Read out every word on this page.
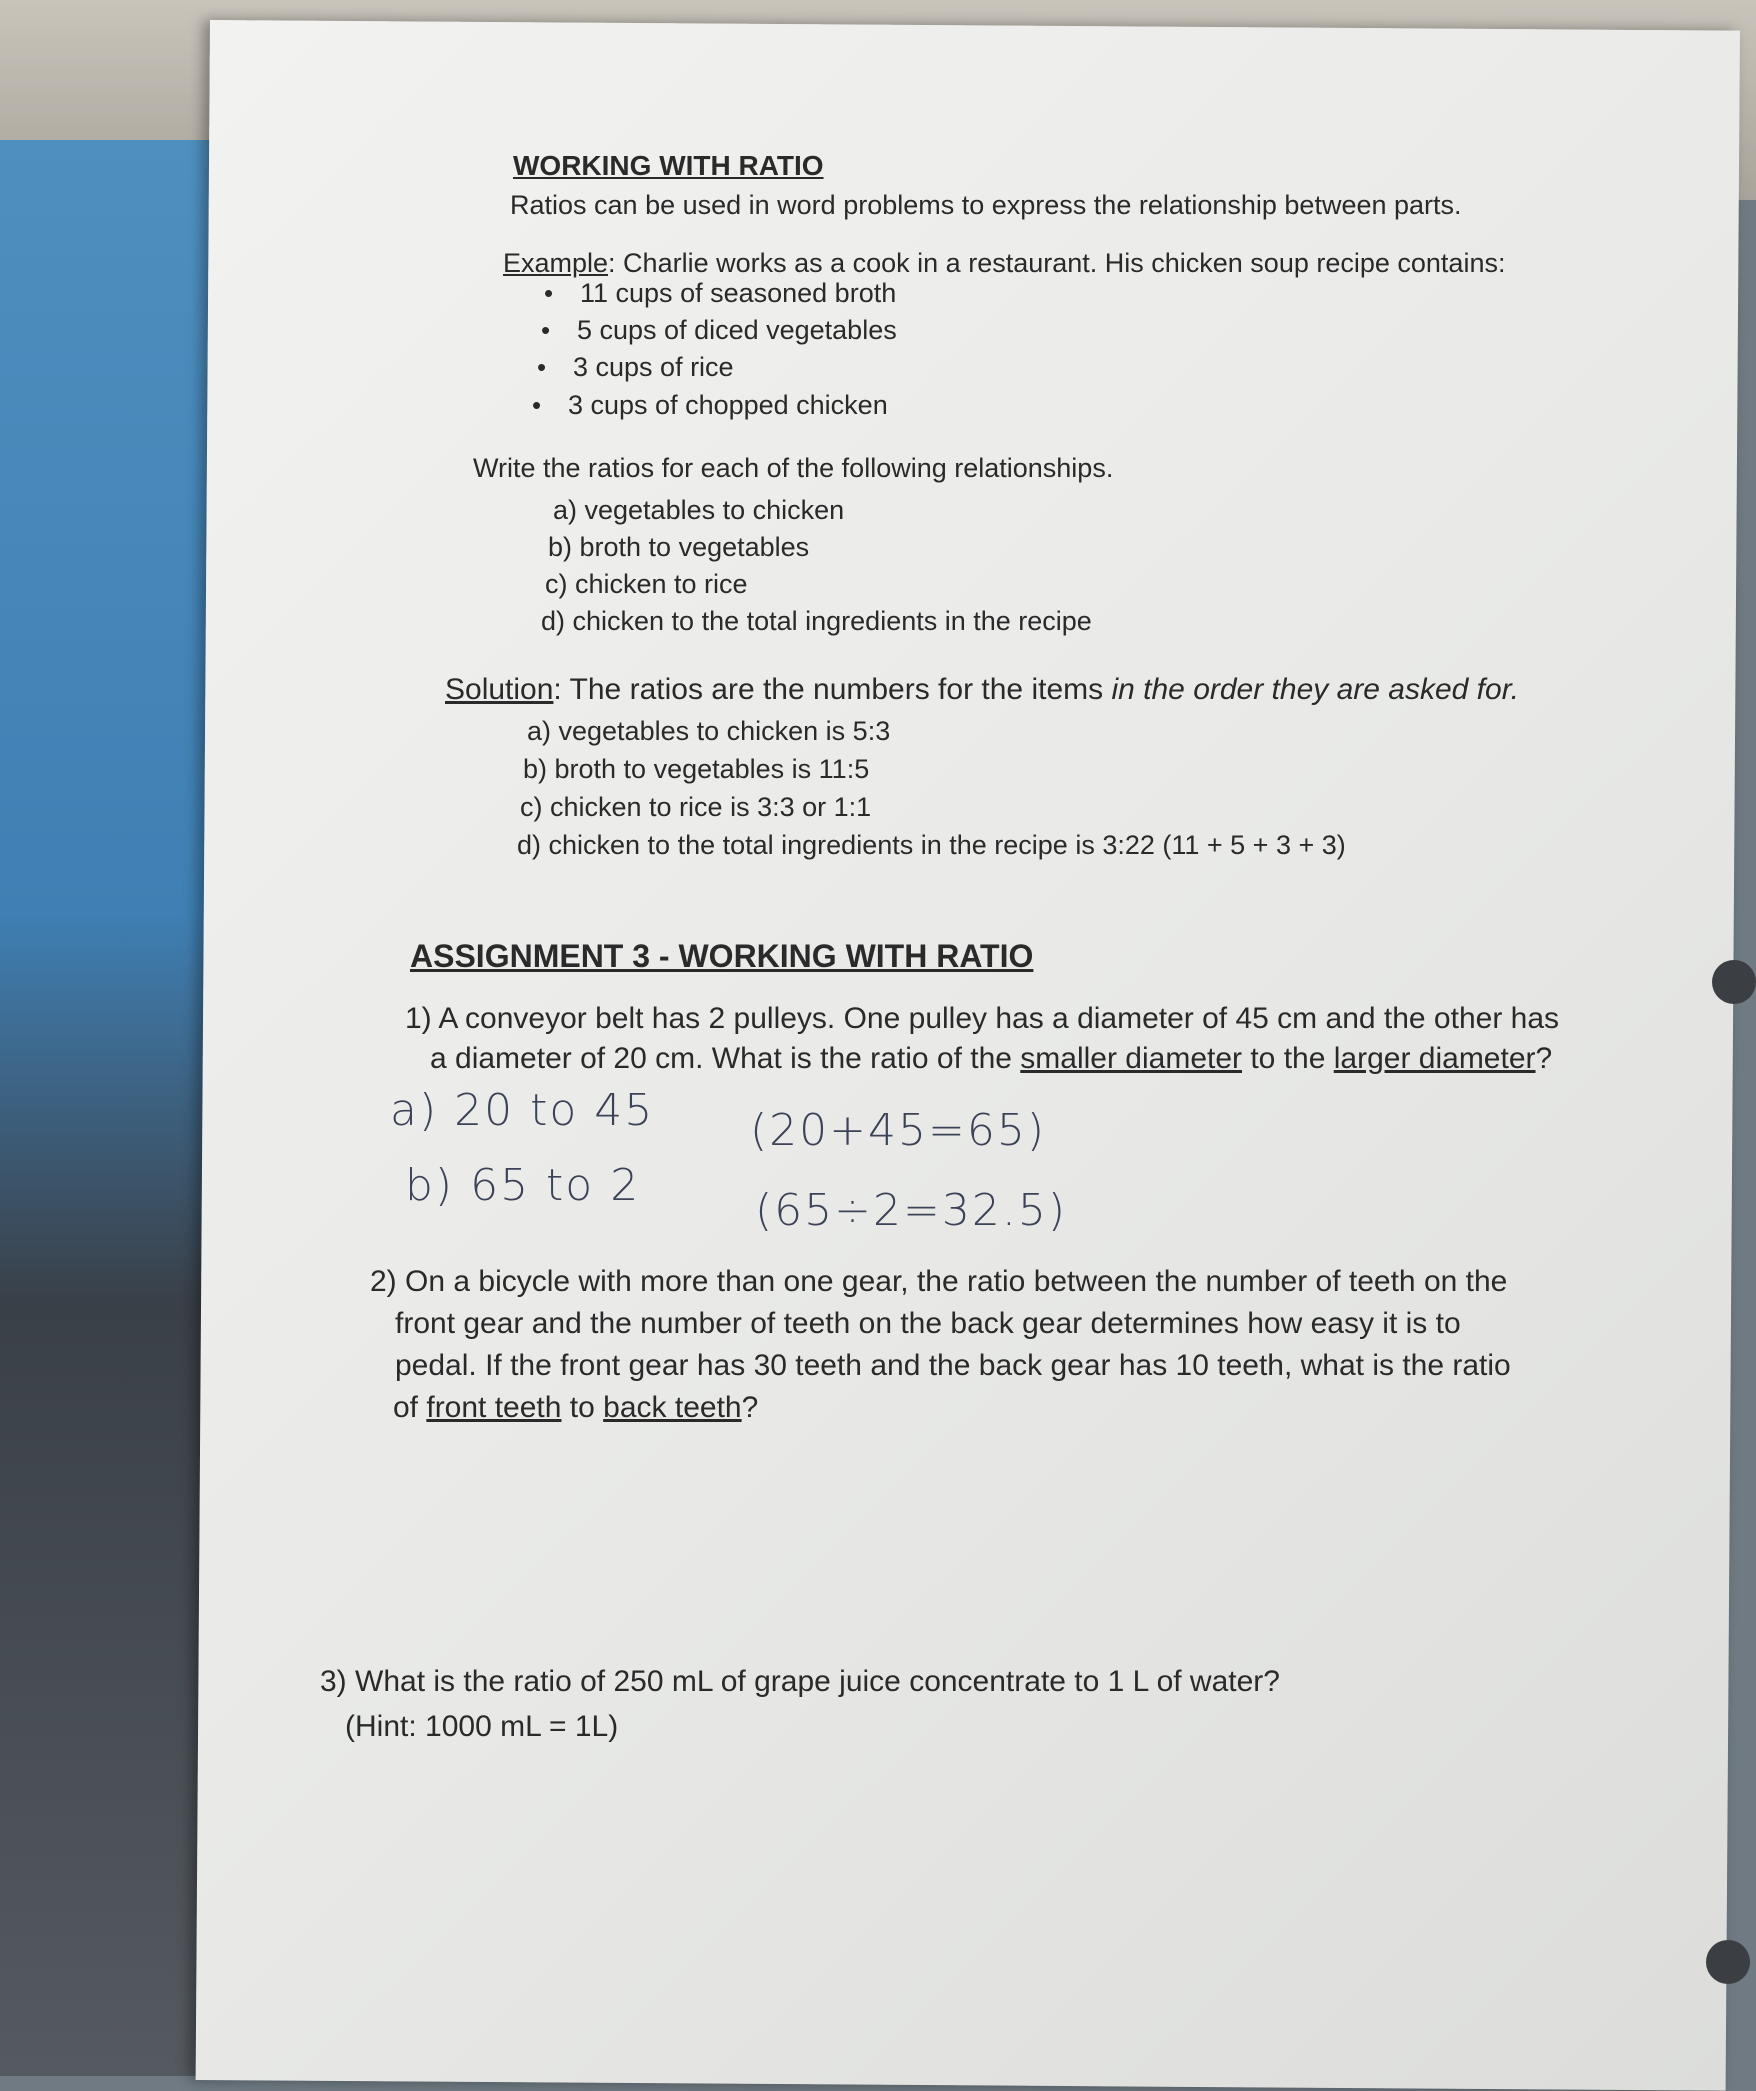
WORKING WITH RATIO
Ratios can be used in word problems to express the relationship between parts.
Example: Charlie works as a cook in a restaurant. His chicken soup recipe contains:
• 11 cups of seasoned broth
• 5 cups of diced vegetables
• 3 cups of rice
• 3 cups of chopped chicken
Write the ratios for each of the following relationships.
a) vegetables to chicken
b) broth to vegetables
c) chicken to rice
d) chicken to the total ingredients in the recipe
Solution: The ratios are the numbers for the items in the order they are asked for.
a) vegetables to chicken is 5:3
b) broth to vegetables is 11:5
c) chicken to rice is 3:3 or 1:1
d) chicken to the total ingredients in the recipe is 3:22 (11 + 5 + 3 + 3)
ASSIGNMENT 3 - WORKING WITH RATIO
1) A conveyor belt has 2 pulleys. One pulley has a diameter of 45 cm and the other has
a diameter of 20 cm. What is the ratio of the smaller diameter to the larger diameter?
a) 20 to 45 (20+45=65)
b) 65 to 2	(65÷2=32.5)
2) On a bicycle with more than one gear, the ratio between the number of teeth on the
front gear and the number of teeth on the back gear determines how easy it is to
pedal. If the front gear has 30 teeth and the back gear has 10 teeth, what is the ratio
of front teeth to back teeth?
3) What is the ratio of 250 mL of grape juice concentrate to 1 L of water?
(Hint: 1000 mL = 1L)
